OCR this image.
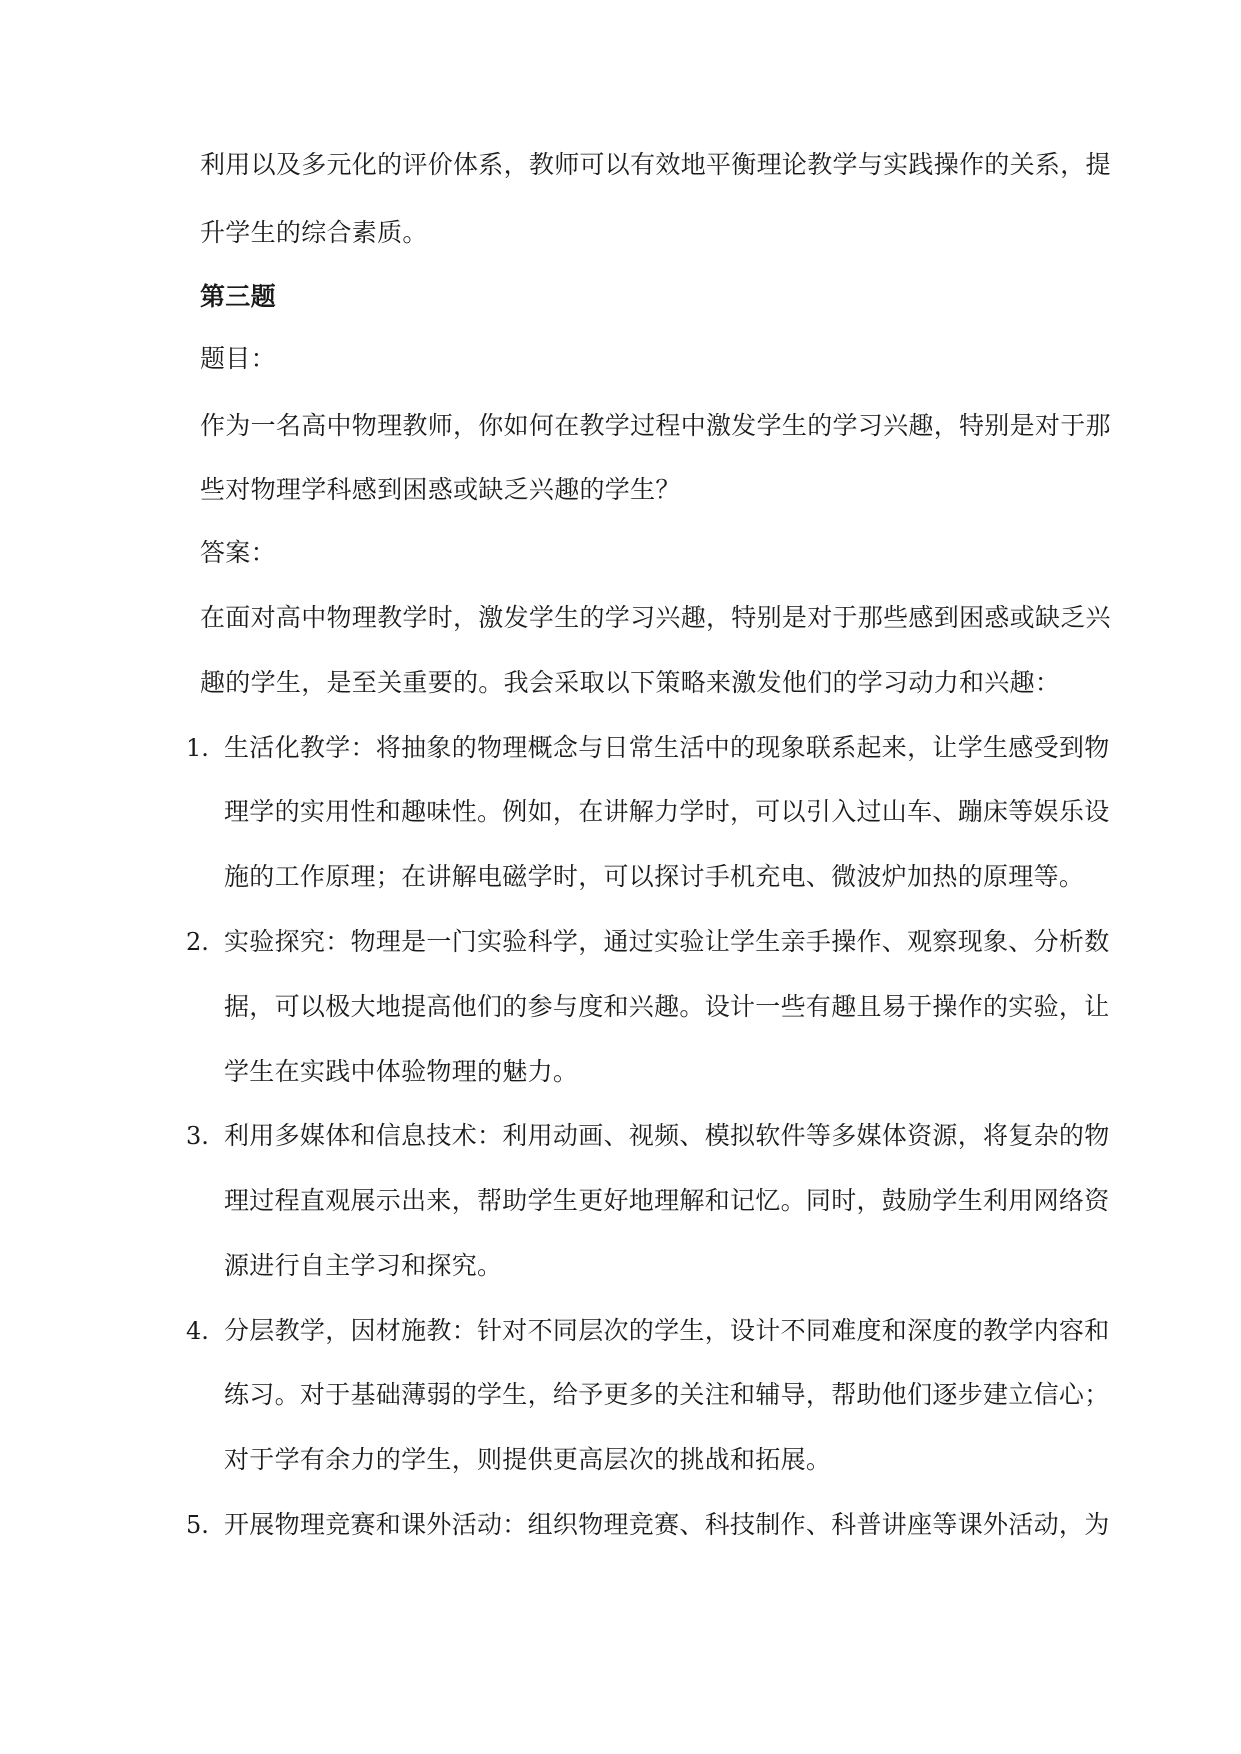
利用以及多元化的评价体系，教师可以有效地平衡理论教学与实践操作的关系，提
升学生的综合素质。
第三题
题目：
作为一名高中物理教师，你如何在教学过程中激发学生的学习兴趣，特别是对于那
些对物理学科感到困惑或缺乏兴趣的学生？
答案：
在面对高中物理教学时，激发学生的学习兴趣，特别是对于那些感到困惑或缺乏兴
趣的学生，是至关重要的。我会采取以下策略来激发他们的学习动力和兴趣：
1. 生活化教学：将抽象的物理概念与日常生活中的现象联系起来，让学生感受到物
理学的实用性和趣味性。例如，在讲解力学时，可以引入过山车、蹦床等娱乐设
施的工作原理；在讲解电磁学时，可以探讨手机充电、微波炉加热的原理等。
2. 实验探究：物理是一门实验科学，通过实验让学生亲手操作、观察现象、分析数
据，可以极大地提高他们的参与度和兴趣。设计一些有趣且易于操作的实验，让
学生在实践中体验物理的魅力。
3. 利用多媒体和信息技术：利用动画、视频、模拟软件等多媒体资源，将复杂的物
理过程直观展示出来，帮助学生更好地理解和记忆。同时，鼓励学生利用网络资
源进行自主学习和探究。
4. 分层教学，因材施教：针对不同层次的学生，设计不同难度和深度的教学内容和
练习。对于基础薄弱的学生，给予更多的关注和辅导，帮助他们逐步建立信心；
对于学有余力的学生，则提供更高层次的挑战和拓展。
5. 开展物理竞赛和课外活动：组织物理竞赛、科技制作、科普讲座等课外活动，为
